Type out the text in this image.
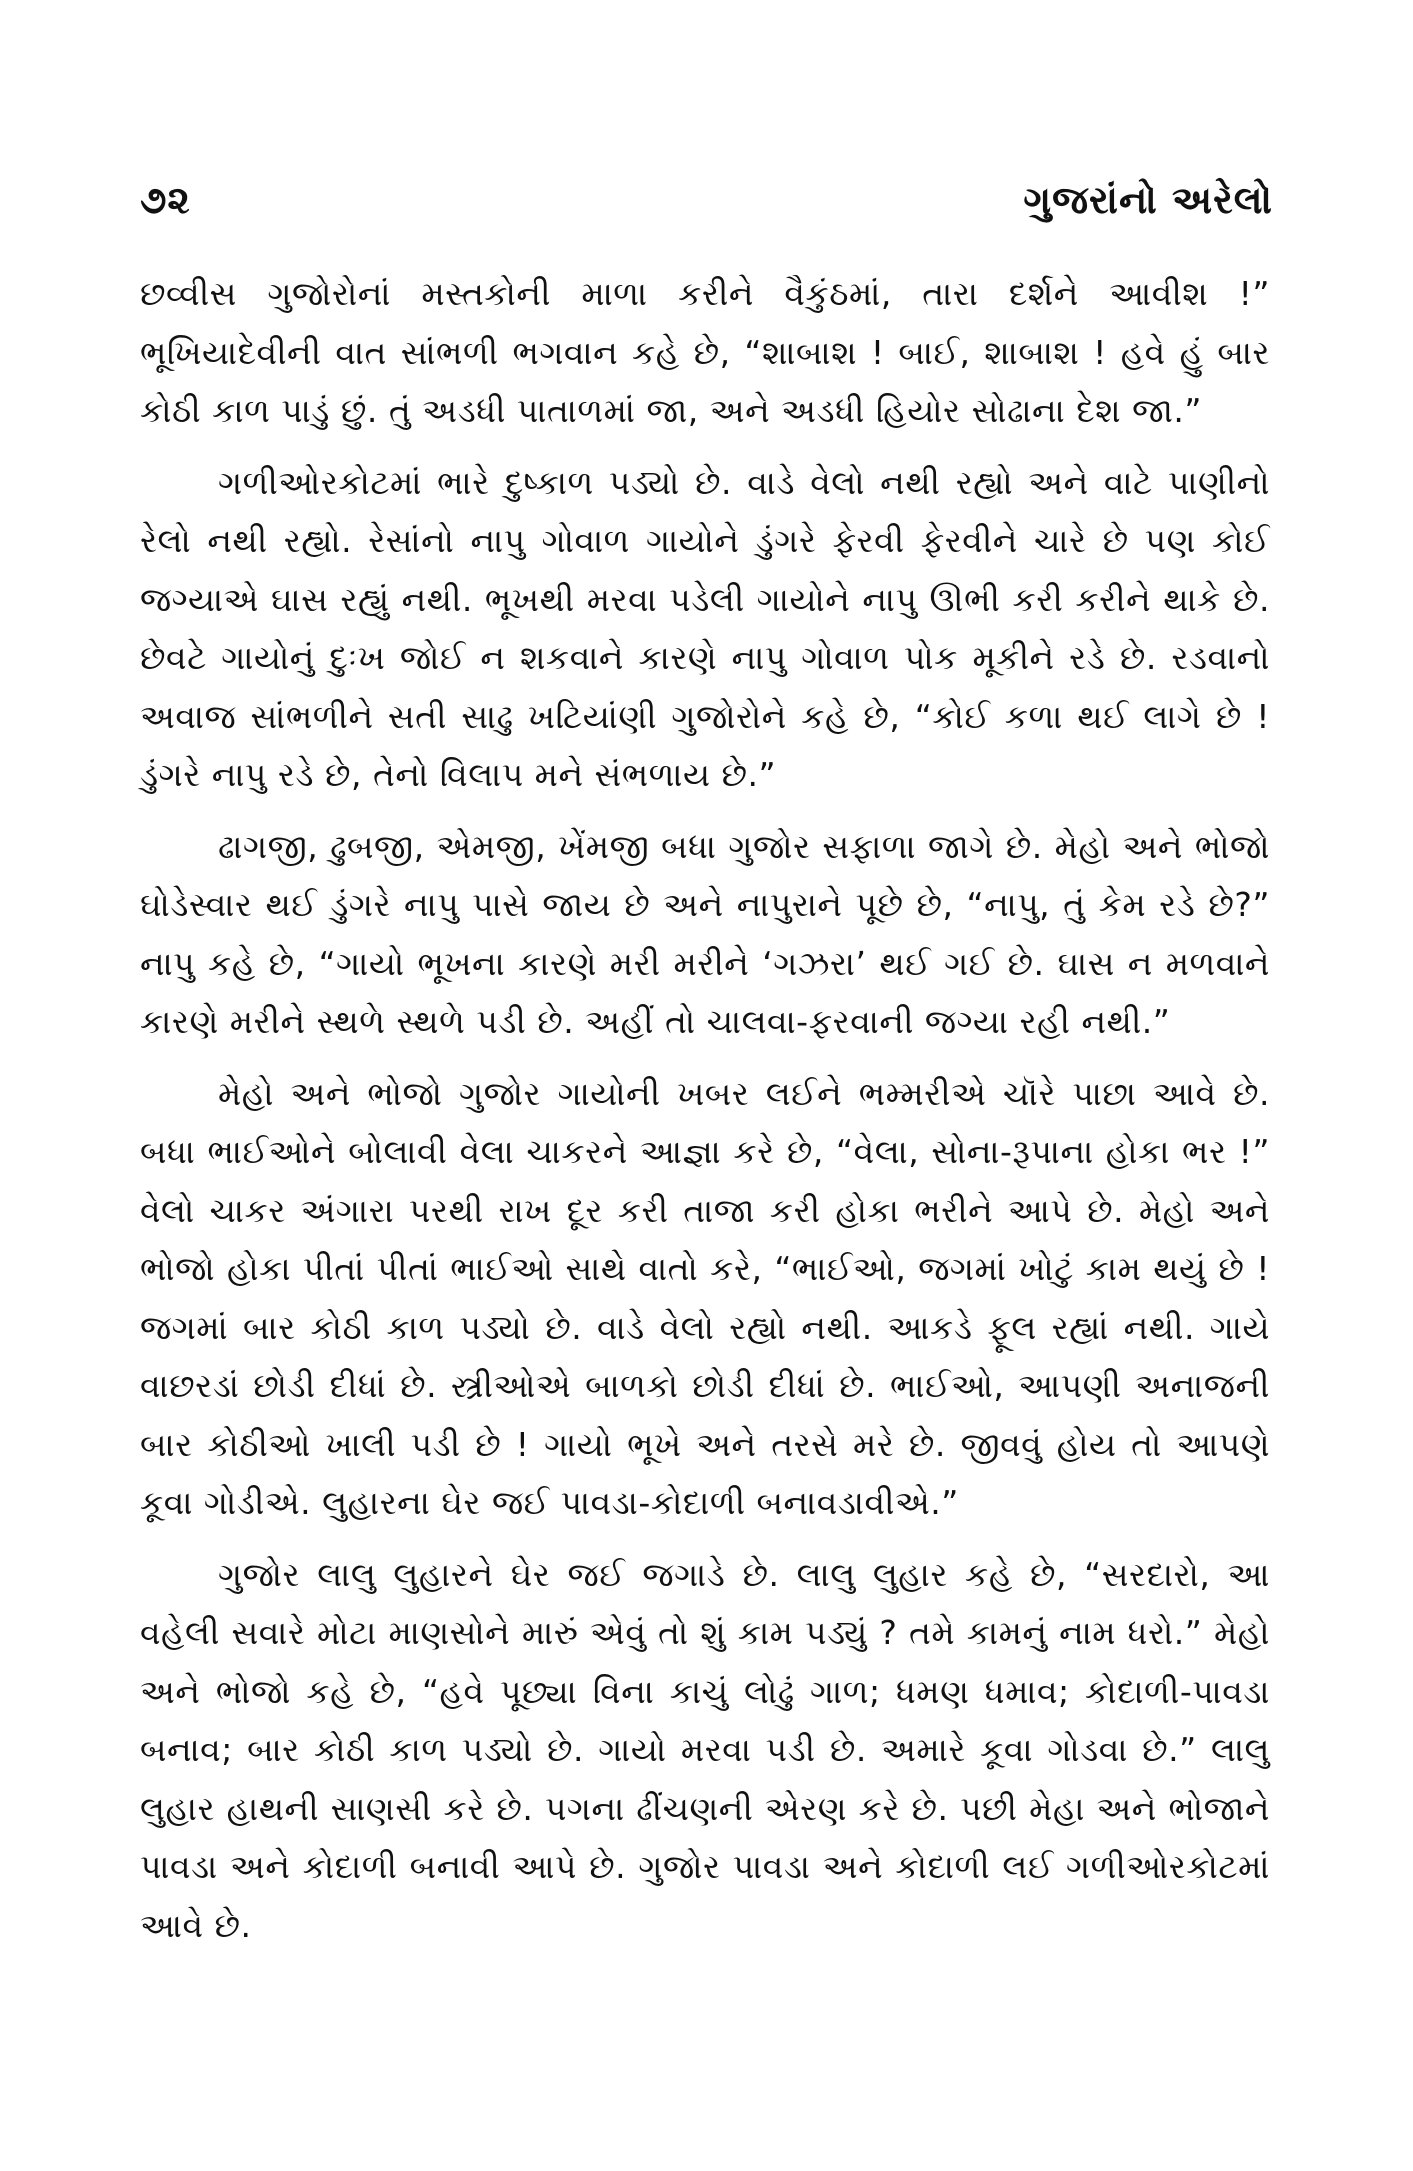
૭૨	ગુજરાંનો અરેલો

છવ્વીસ ગુજોરોનાં મસ્તકોની માળા કરીને વૈકુંઠમાં, તારા દર્શને આવીશ !” ભૂખિયાદેવીની વાત સાંભળી ભગવાન કહે છે, “શાબાશ ! બાઈ, શાબાશ ! હવે હું બાર કોઠી કાળ પાડું છું. તું અડધી પાતાળમાં જા, અને અડધી હિયોર સોઢાના દેશ જા.”

ગળીઓરકોટમાં ભારે દુષ્કાળ પડ્યો છે. વાડે વેલો નથી રહ્યો અને વાટે પાણીનો રેલો નથી રહ્યો. રેસાંનો નાપુ ગોવાળ ગાયોને ડુંગરે ફેરવી ફેરવીને ચારે છે પણ કોઈ જગ્યાએ ઘાસ રહ્યું નથી. ભૂખથી મરવા પડેલી ગાયોને નાપુ ઊભી કરી કરીને થાકે છે. છેવટે ગાયોનું દુઃખ જોઈ ન શકવાને કારણે નાપુ ગોવાળ પોક મૂકીને રડે છે. રડવાનો અવાજ સાંભળીને સતી સાઢુ ખટિયાંણી ગુજોરોને કહે છે, “કોઈ કળા થઈ લાગે છે ! ડુંગરે નાપુ રડે છે, તેનો વિલાપ મને સંભળાય છે.”

ઢાગજી, ઢુબજી, એમજી, ખેંમજી બધા ગુજોર સફાળા જાગે છે. મેહો અને ભોજો ઘોડેસ્વાર થઈ ડુંગરે નાપુ પાસે જાય છે અને નાપુરાને પૂછે છે, “નાપુ, તું કેમ રડે છે?” નાપુ કહે છે, “ગાયો ભૂખના કારણે મરી મરીને ‘ગઝરા’ થઈ ગઈ છે. ઘાસ ન મળવાને કારણે મરીને સ્થળે સ્થળે પડી છે. અહીં તો ચાલવા-ફરવાની જગ્યા રહી નથી.”

મેહો અને ભોજો ગુજોર ગાયોની ખબર લઈને ભમ્મરીએ ચૉરે પાછા આવે છે. બધા ભાઈઓને બોલાવી વેલા ચાકરને આજ્ઞા કરે છે, “વેલા, સોના-રૂપાના હોકા ભર !” વેલો ચાકર અંગારા પરથી રાખ દૂર કરી તાજા કરી હોકા ભરીને આપે છે. મેહો અને ભોજો હોકા પીતાં પીતાં ભાઈઓ સાથે વાતો કરે, “ભાઈઓ, જગમાં ખોટું કામ થયું છે ! જગમાં બાર કોઠી કાળ પડ્યો છે. વાડે વેલો રહ્યો નથી. આકડે ફૂલ રહ્યાં નથી. ગાયે વાછરડાં છોડી દીધાં છે. સ્ત્રીઓએ બાળકો છોડી દીધાં છે. ભાઈઓ, આપણી અનાજની બાર કોઠીઓ ખાલી પડી છે ! ગાયો ભૂખે અને તરસે મરે છે. જીવવું હોય તો આપણે કૂવા ગોડીએ. લુહારના ઘેર જઈ પાવડા-કોદાળી બનાવડાવીએ.”

ગુજોર લાલુ લુહારને ઘેર જઈ જગાડે છે. લાલુ લુહાર કહે છે, “સરદારો, આ વહેલી સવારે મોટા માણસોને મારું એવું તો શું કામ પડ્યું ? તમે કામનું નામ ધરો.” મેહો અને ભોજો કહે છે, “હવે પૂછ્યા વિના કાચું લોઢું ગાળ; ધમણ ધમાવ; કોદાળી-પાવડા બનાવ; બાર કોઠી કાળ પડ્યો છે. ગાયો મરવા પડી છે. અમારે કૂવા ગોડવા છે.” લાલુ લુહાર હાથની સાણસી કરે છે. પગના ઢીંચણની એરણ કરે છે. પછી મેહા અને ભોજાને પાવડા અને કોદાળી બનાવી આપે છે. ગુજોર પાવડા અને કોદાળી લઈ ગળીઓરકોટમાં આવે છે.
